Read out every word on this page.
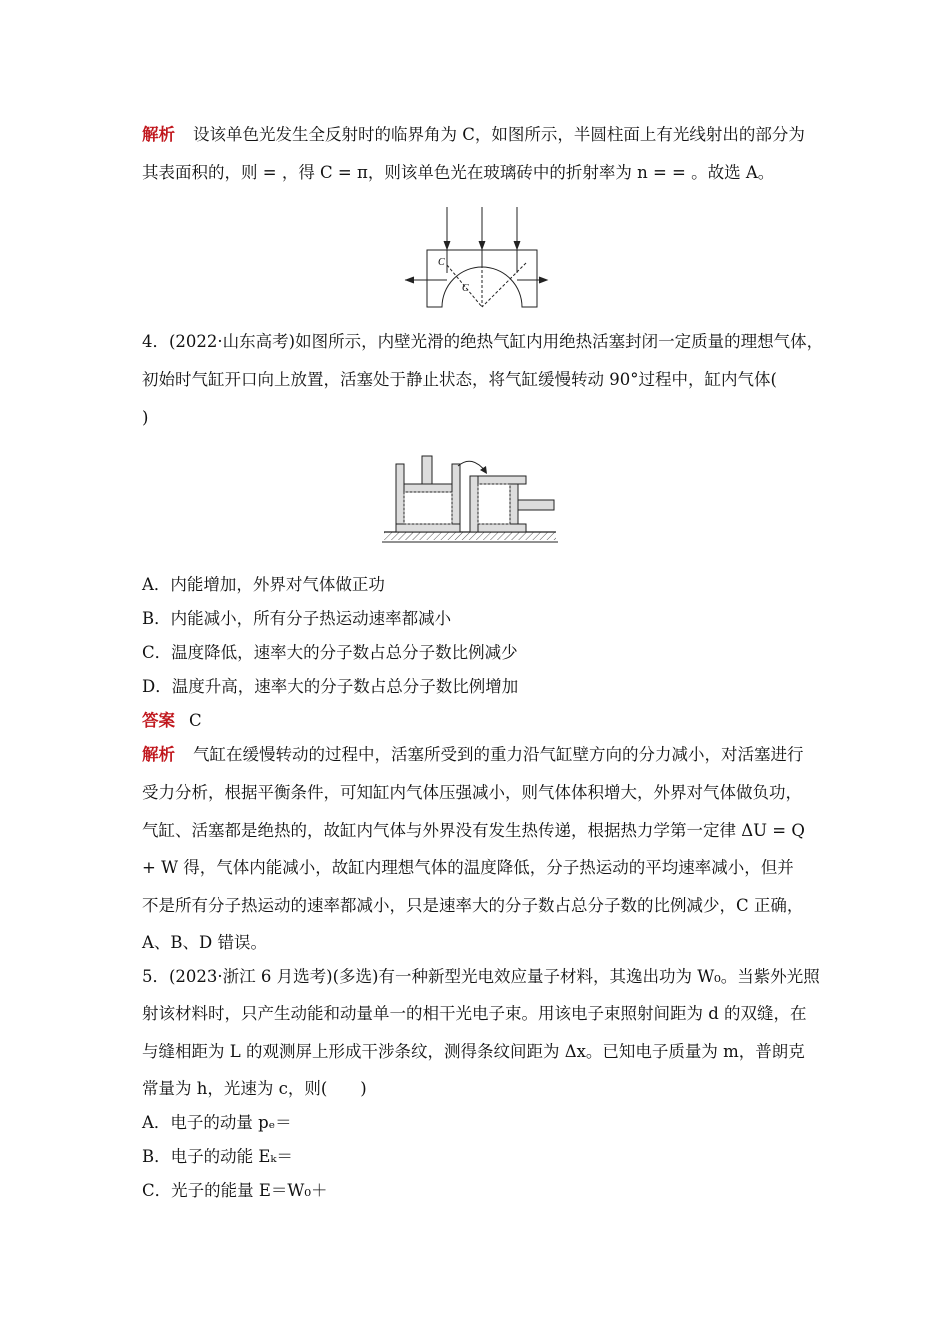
解析 设该单色光发生全反射时的临界角为 C，如图所示，半圆柱面上有光线射出的部分为
其表面积的，则 = ，得 C = π，则该单色光在玻璃砖中的折射率为 n = = 。故选 A。
C
C
4．(2022·山东高考)如图所示，内壁光滑的绝热气缸内用绝热活塞封闭一定质量的理想气体，
初始时气缸开口向上放置，活塞处于静止状态，将气缸缓慢转动 90°过程中，缸内气体(
)
A．内能增加，外界对气体做正功
B．内能减小，所有分子热运动速率都减小
C．温度降低，速率大的分子数占总分子数比例减少
D．温度升高，速率大的分子数占总分子数比例增加
答案 C
解析 气缸在缓慢转动的过程中，活塞所受到的重力沿气缸壁方向的分力减小，对活塞进行
受力分析，根据平衡条件，可知缸内气体压强减小，则气体体积增大，外界对气体做负功，
气缸、活塞都是绝热的，故缸内气体与外界没有发生热传递，根据热力学第一定律 ΔU = Q
+ W 得，气体内能减小，故缸内理想气体的温度降低，分子热运动的平均速率减小，但并
不是所有分子热运动的速率都减小，只是速率大的分子数占总分子数的比例减少，C 正确，
A、B、D 错误。
5．(2023·浙江 6 月选考)(多选)有一种新型光电效应量子材料，其逸出功为 W₀。当紫外光照
射该材料时，只产生动能和动量单一的相干光电子束。用该电子束照射间距为 d 的双缝，在
与缝相距为 L 的观测屏上形成干涉条纹，测得条纹间距为 Δx。已知电子质量为 m，普朗克
常量为 h，光速为 c，则(　　)
A．电子的动量 pₑ＝
B．电子的动能 Eₖ＝
C．光子的能量 E＝W₀＋
